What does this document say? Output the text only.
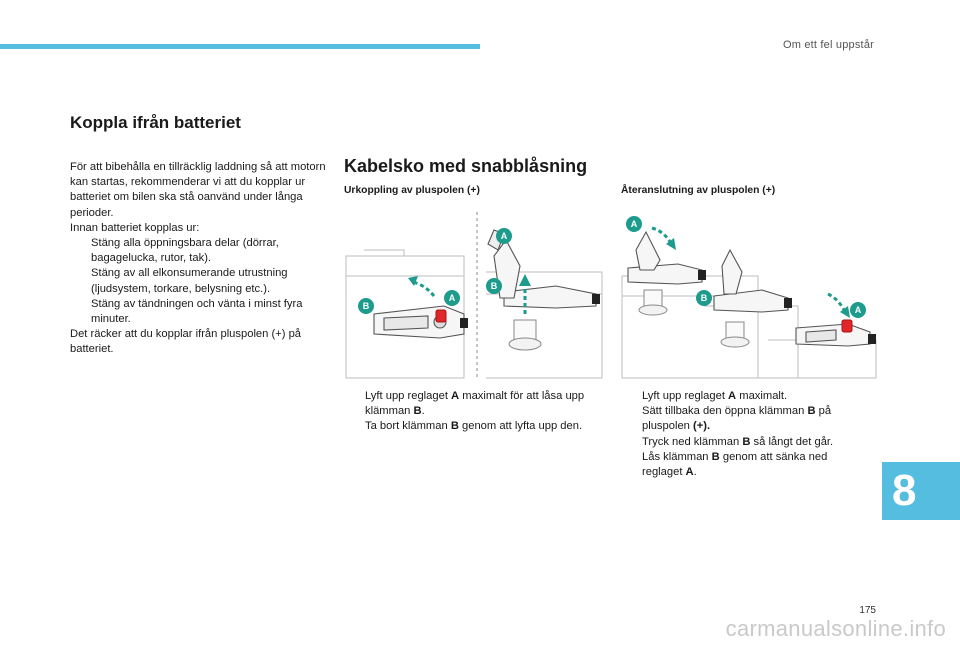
Om ett fel uppstår
Koppla ifrån batteriet

För att bibehålla en tillräcklig laddning så att motorn kan startas, rekommenderar vi att du kopplar ur batteriet om bilen ska stå oanvänd under långa perioder.

Innan batteriet kopplas ur:

Stäng alla öppningsbara delar (dörrar, bagagelucka, rutor, tak).
Stäng av all elkonsumerande utrustning (ljudsystem, torkare, belysning etc.).
Stäng av tändningen och vänta i minst fyra minuter.

Det räcker att du kopplar ifrån pluspolen (+) på batteriet.

Kabelsko med snabblåsning
Urkoppling av pluspolen (+)	Återanslutning av pluspolen (+)
A
B
A
B
A
B
A
Lyft upp reglaget A maximalt för att låsa upp klämman B.
Ta bort klämman B genom att lyfta upp den.
Lyft upp reglaget A maximalt.
Sätt tillbaka den öppna klämman B på pluspolen (+).
Tryck ned klämman B så långt det går.
Lås klämman B genom att sänka ned reglaget A.	8
175
carmanualsonline.info
